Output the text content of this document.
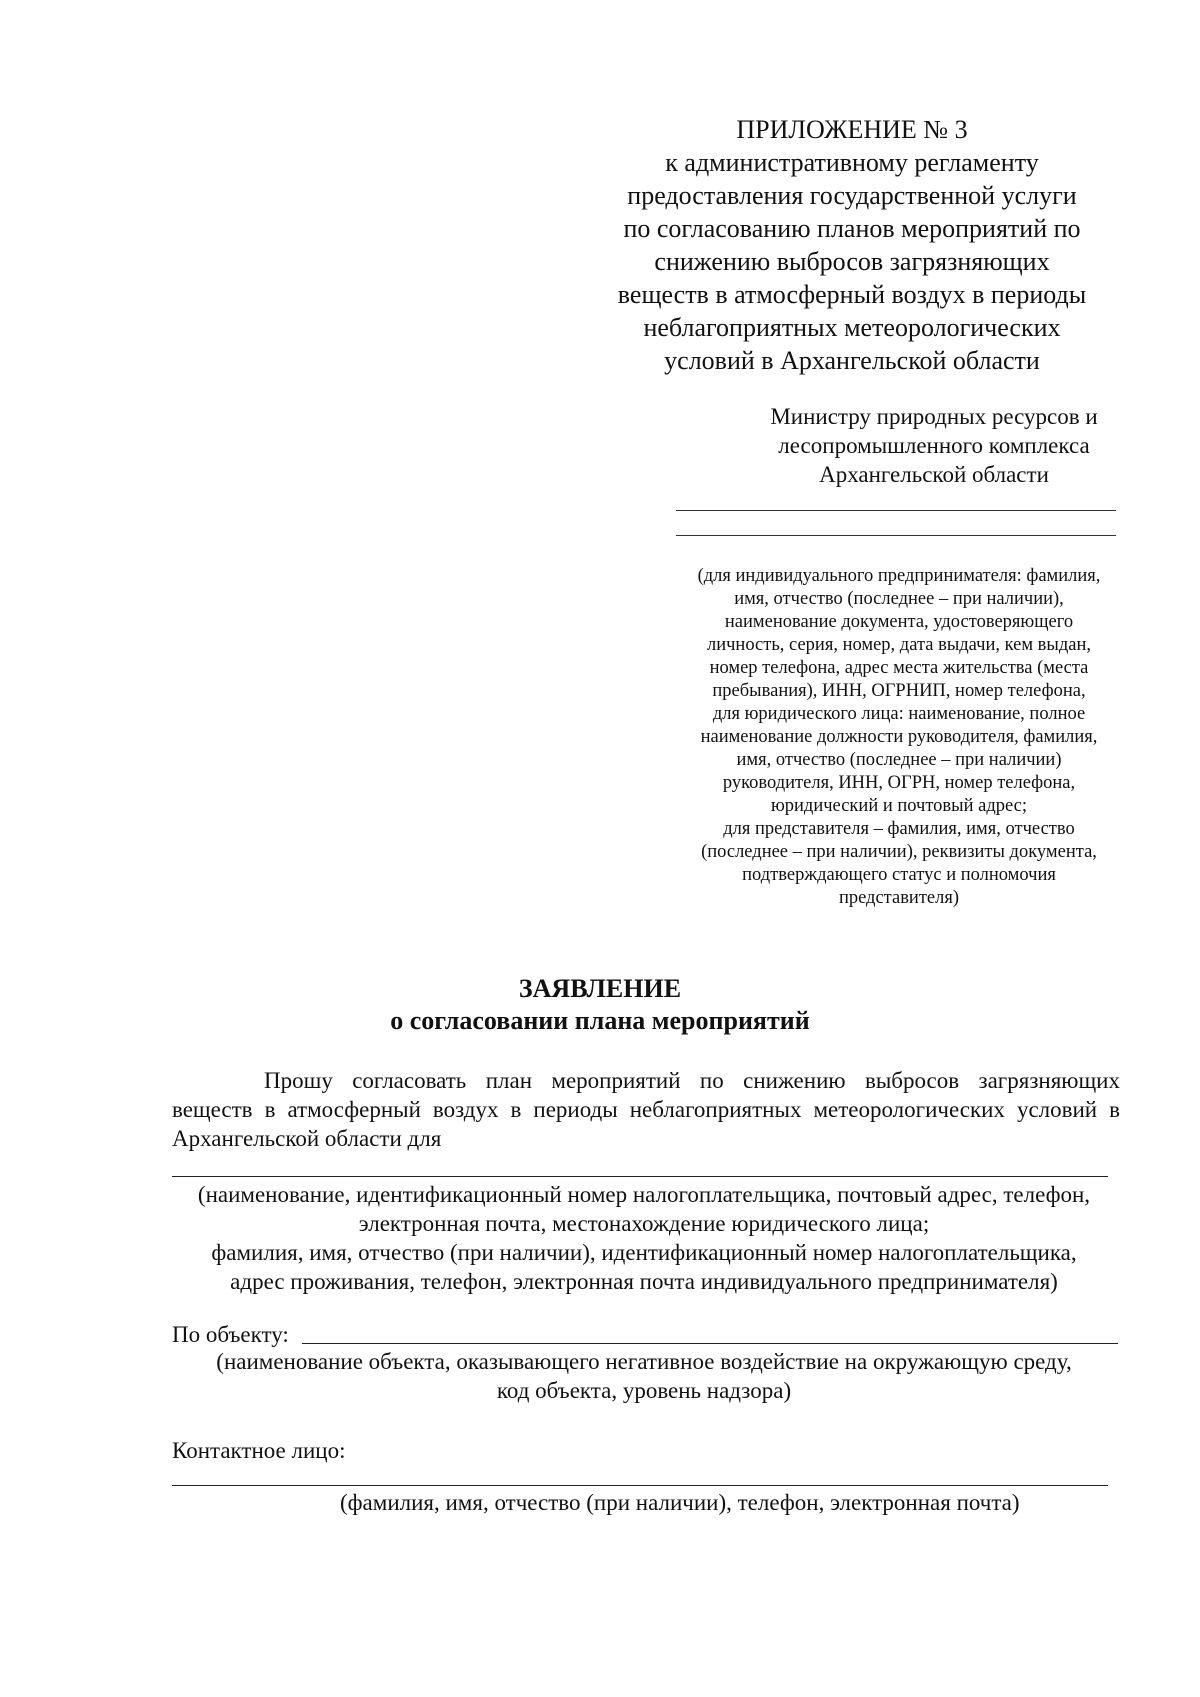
ПРИЛОЖЕНИЕ № 3
к административному регламенту
предоставления государственной услуги
по согласованию планов мероприятий по
снижению выбросов загрязняющих
веществ в атмосферный воздух в периоды
неблагоприятных метеорологических
условий в Архангельской области
Министру природных ресурсов и
лесопромышленного комплекса
Архангельской области
(для индивидуального предпринимателя: фамилия,
имя, отчество (последнее – при наличии),
наименование документа, удостоверяющего
личность, серия, номер, дата выдачи, кем выдан,
номер телефона, адрес места жительства (места
пребывания), ИНН, ОГРНИП, номер телефона,
для юридического лица: наименование, полное
наименование должности руководителя, фамилия,
имя, отчество (последнее – при наличии)
руководителя, ИНН, ОГРН, номер телефона,
юридический и почтовый адрес;
для представителя – фамилия, имя, отчество
(последнее – при наличии), реквизиты документа,
подтверждающего статус и полномочия
представителя)
ЗАЯВЛЕНИЕ
о согласовании плана мероприятий
Прошу согласовать план мероприятий по снижению выбросов загрязняющих
веществ в атмосферный воздух в периоды неблагоприятных метеорологических условий в
Архангельской области для
(наименование, идентификационный номер налогоплательщика, почтовый адрес, телефон,
электронная почта, местонахождение юридического лица;
фамилия, имя, отчество (при наличии), идентификационный номер налогоплательщика,
адрес проживания, телефон, электронная почта индивидуального предпринимателя)
По объекту:
(наименование объекта, оказывающего негативное воздействие на окружающую среду,
код объекта, уровень надзора)
Контактное лицо:
(фамилия, имя, отчество (при наличии), телефон, электронная почта)
